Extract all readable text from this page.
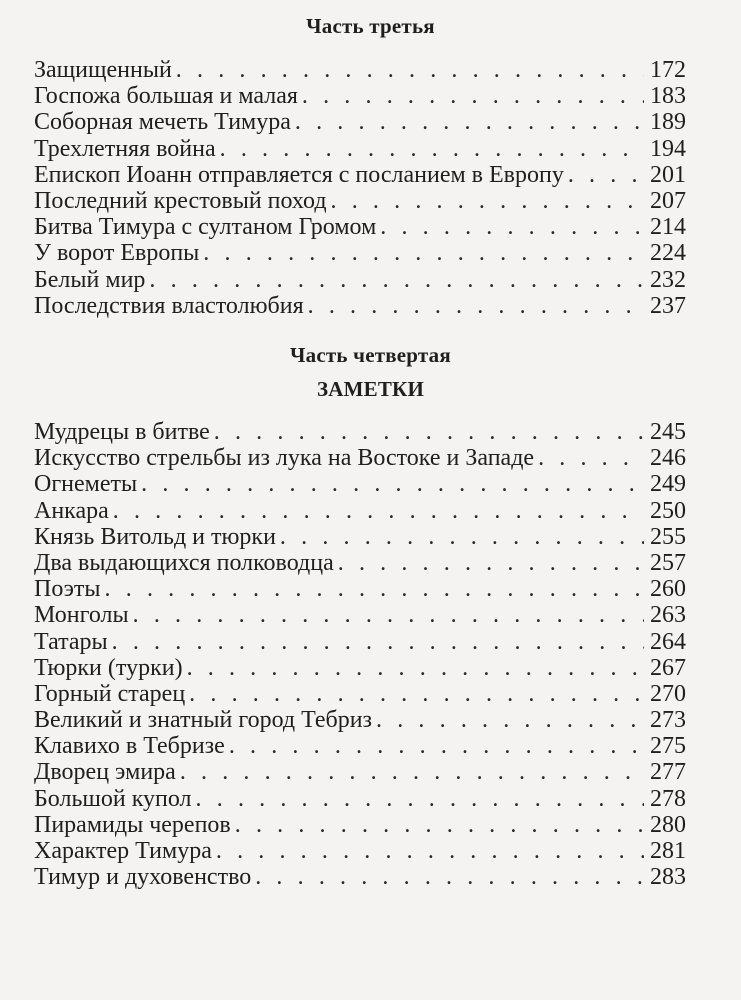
Часть третья
Защищенный . . .	172
Госпожа большая и малая . . .	183
Соборная мечеть Тимура . . .	189
Трехлетняя война . . .	194
Епископ Иоанн отправляется с посланием в Европу . . .	201
Последний крестовый поход . . .	207
Битва Тимура с султаном Громом . . .	214
У ворот Европы . . .	224
Белый мир . . .	232
Последствия властолюбия . . .	237
Часть четвертая
ЗАМЕТКИ
Мудрецы в битве . . .	245
Искусство стрельбы из лука на Востоке и Западе . . .	246
Огнеметы . . .	249
Анкара . . .	250
Князь Витольд и тюрки . . .	255
Два выдающихся полководца . . .	257
Поэты . . .	260
Монголы . . .	263
Татары . . .	264
Тюрки (турки) . . .	267
Горный старец . . .	270
Великий и знатный город Тебриз . . .	273
Клавихо в Тебризе . . .	275
Дворец эмира . . .	277
Большой купол . . .	278
Пирамиды черепов . . .	280
Характер Тимура . . .	281
Тимур и духовенство . . .	283
